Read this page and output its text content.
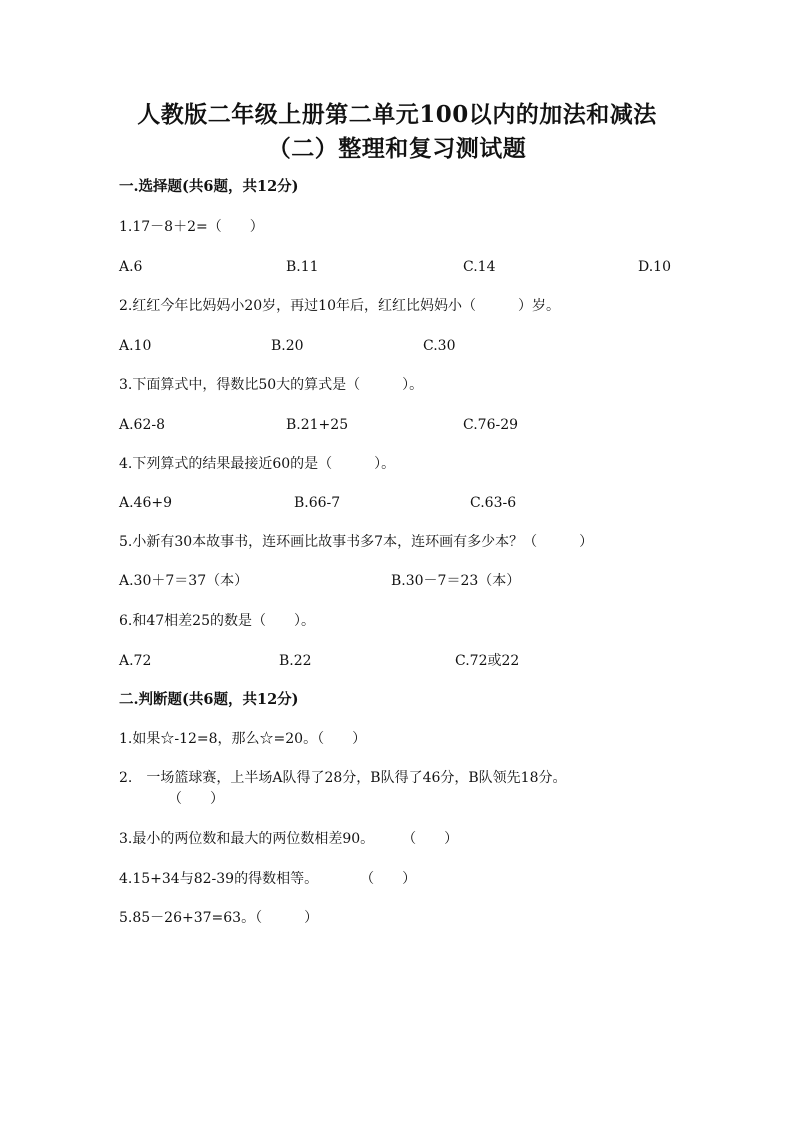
人教版二年级上册第二单元100以内的加法和减法
（二）整理和复习测试题
一.选择题(共6题，共12分)
1.17－8＋2=（　　）
A.6	B.11	C.14	D.10
2.红红今年比妈妈小20岁，再过10年后，红红比妈妈小（　　　）岁。
A.10	B.20	C.30
3.下面算式中，得数比50大的算式是（　　　）。
A.62-8	B.21+25	C.76-29
4.下列算式的结果最接近60的是（　　　）。
A.46+9	B.66-7	C.63-6
5.小新有30本故事书，连环画比故事书多7本，连环画有多少本？（　　　）
A.30＋7＝37（本）	B.30－7＝23（本）
6.和47相差25的数是（　　）。
A.72	B.22	C.72或22
二.判断题(共6题，共12分)
1.如果☆-12=8，那么☆=20。（　　）
2.　一场篮球赛，上半场A队得了28分，B队得了46分，B队领先18分。
（　　）
3.最小的两位数和最大的两位数相差90。　　　（　　）
4.15+34与82-39的得数相等。　　　　（　　）
5.85－26+37=63。（　　　）
